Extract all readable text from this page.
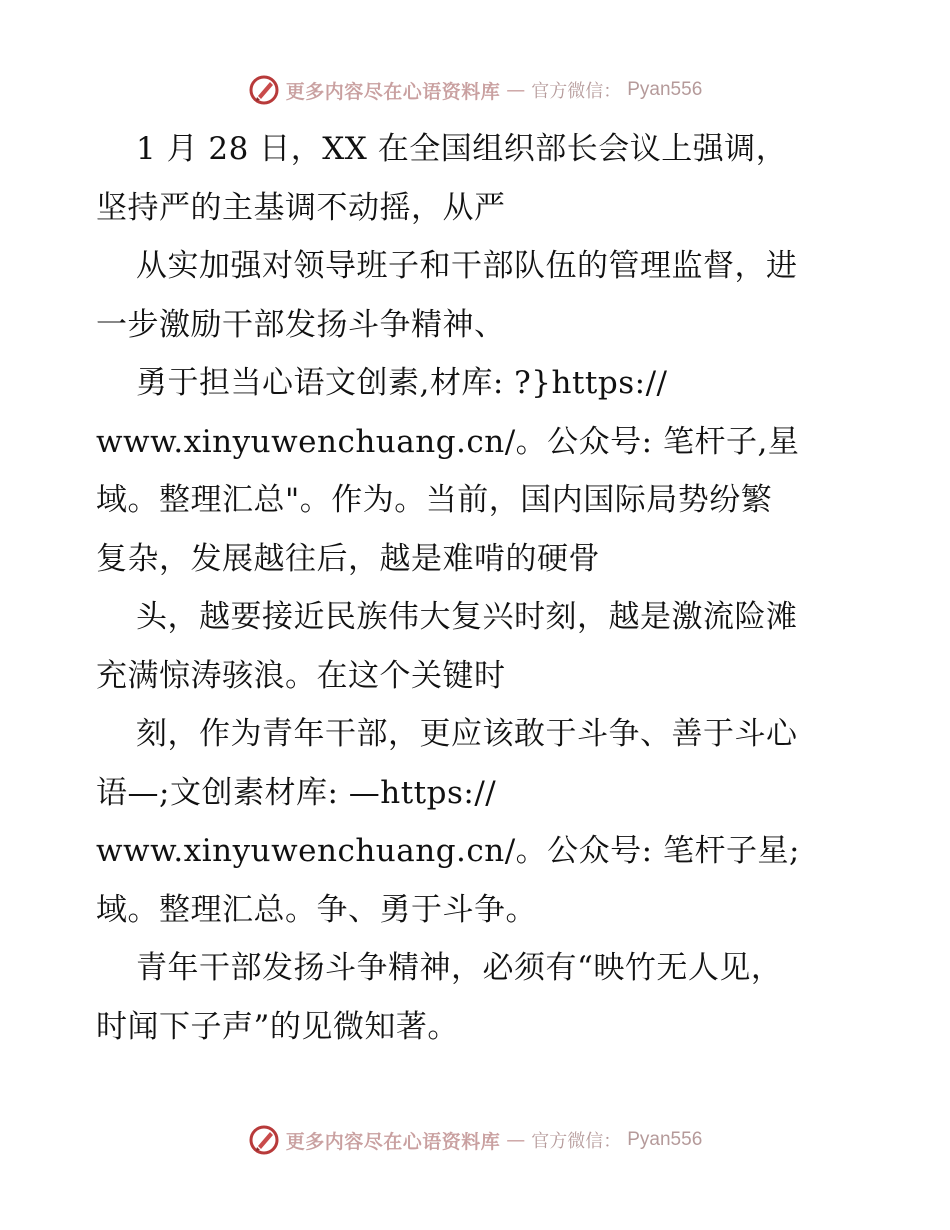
更多内容尽在心语资料库 — 官方微信： Pyan556

1 月 28 日，XX 在全国组织部长会议上强调，
坚持严的主基调不动摇，从严
从实加强对领导班子和干部队伍的管理监督，进
一步激励干部发扬斗争精神、
勇于担当心语文创素,材库: ?}https://
www.xinyuwenchuang.cn/。公众号: 笔杆子,星
域。整理汇总"。作为。当前，国内国际局势纷繁
复杂，发展越往后，越是难啃的硬骨
头，越要接近民族伟大复兴时刻，越是激流险滩
充满惊涛骇浪。在这个关键时
刻，作为青年干部，更应该敢于斗争、善于斗心
语—;文创素材库: —https://
www.xinyuwenchuang.cn/。公众号: 笔杆子星;
域。整理汇总。争、勇于斗争。
青年干部发扬斗争精神，必须有“映竹无人见，
时闻下子声”的见微知著。

更多内容尽在心语资料库 — 官方微信： Pyan556
